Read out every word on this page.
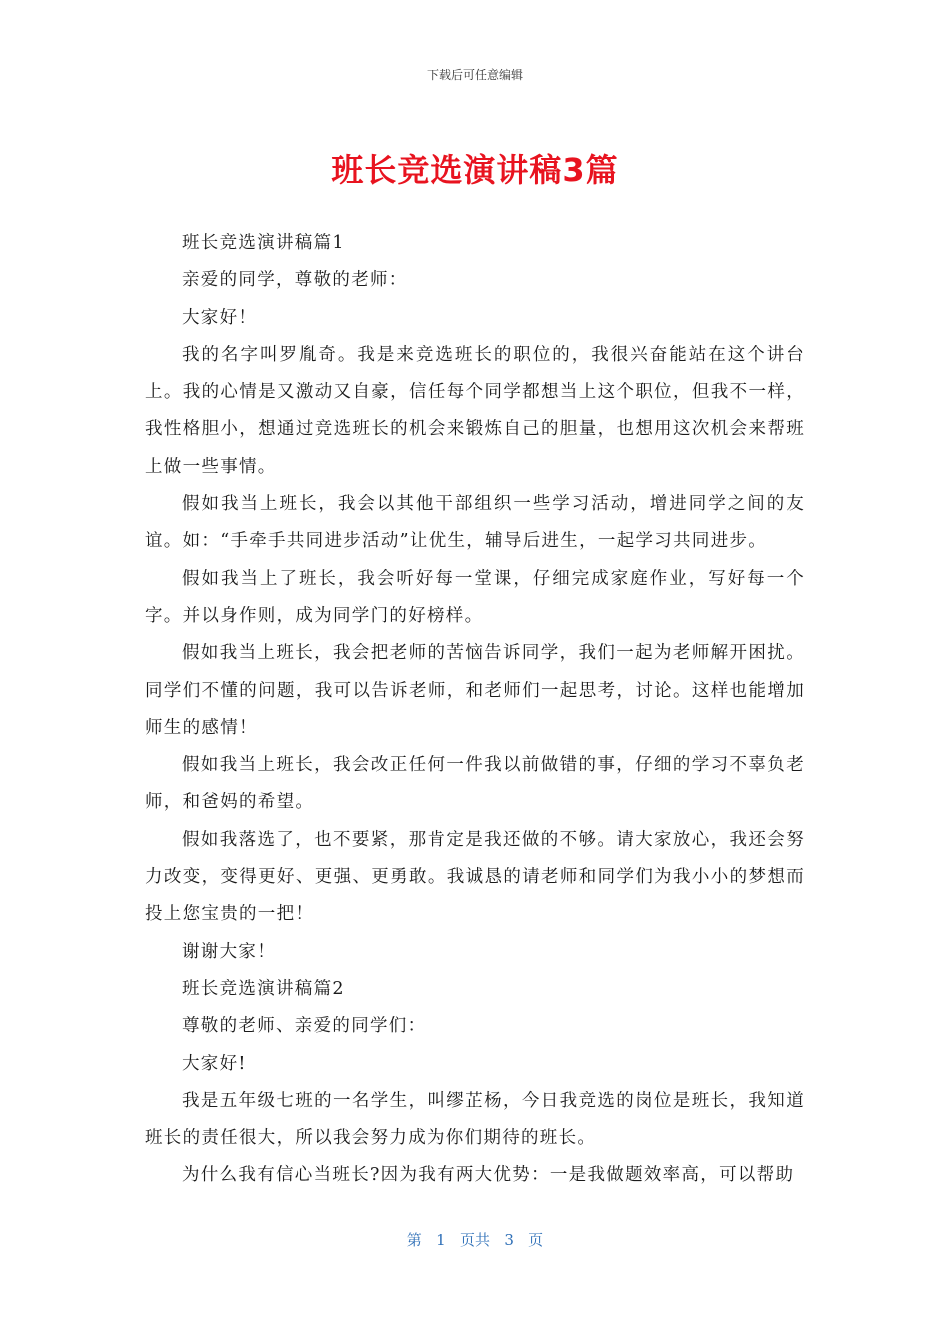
下载后可任意编辑
班长竞选演讲稿3篇

班长竞选演讲稿篇1

亲爱的同学，尊敬的老师：

大家好！

我的名字叫罗胤奇。我是来竞选班长的职位的，我很兴奋能站在这个讲台上。我的心情是又激动又自豪，信任每个同学都想当上这个职位，但我不一样，我性格胆小，想通过竞选班长的机会来锻炼自己的胆量，也想用这次机会来帮班上做一些事情。

假如我当上班长，我会以其他干部组织一些学习活动，增进同学之间的友谊。如：“手牵手共同进步活动”让优生，辅导后进生，一起学习共同进步。

假如我当上了班长，我会听好每一堂课，仔细完成家庭作业，写好每一个字。并以身作则，成为同学门的好榜样。

假如我当上班长，我会把老师的苦恼告诉同学，我们一起为老师解开困扰。同学们不懂的问题，我可以告诉老师，和老师们一起思考，讨论。这样也能增加师生的感情！

假如我当上班长，我会改正任何一件我以前做错的事，仔细的学习不辜负老师，和爸妈的希望。

假如我落选了，也不要紧，那肯定是我还做的不够。请大家放心，我还会努力改变，变得更好、更强、更勇敢。我诚恳的请老师和同学们为我小小的梦想而投上您宝贵的一把！

谢谢大家！

班长竞选演讲稿篇2

尊敬的老师、亲爱的同学们：

大家好!

我是五年级七班的一名学生，叫缪芷杨，今日我竞选的岗位是班长，我知道班长的责任很大，所以我会努力成为你们期待的班长。

为什么我有信心当班长?因为我有两大优势：一是我做题效率高，可以帮助

第 1 页共 3 页
